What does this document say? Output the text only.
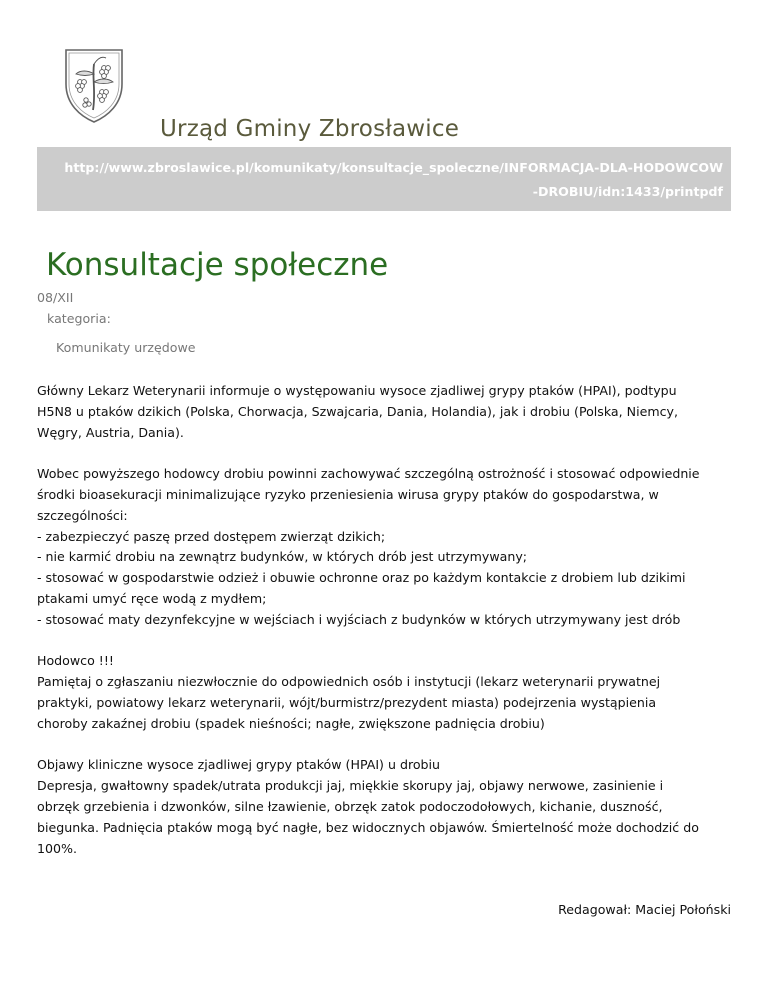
Urząd Gminy Zbrosławice
http://www.zbroslawice.pl/komunikaty/konsultacje_spoleczne/INFORMACJA-DLA-HODOWCOW
-DROBIU/idn:1433/printpdf
Konsultacje społeczne
08/XII
kategoria:
Komunikaty urzędowe
Główny Lekarz Weterynarii informuje o występowaniu wysoce zjadliwej grypy ptaków (HPAI), podtypu
H5N8 u ptaków dzikich (Polska, Chorwacja, Szwajcaria, Dania, Holandia), jak i drobiu (Polska, Niemcy,
Węgry, Austria, Dania).
Wobec powyższego hodowcy drobiu powinni zachowywać szczególną ostrożność i stosować odpowiednie
środki bioasekuracji minimalizujące ryzyko przeniesienia wirusa grypy ptaków do gospodarstwa, w
szczególności:
- zabezpieczyć paszę przed dostępem zwierząt dzikich;
- nie karmić drobiu na zewnątrz budynków, w których drób jest utrzymywany;
- stosować w gospodarstwie odzież i obuwie ochronne oraz po każdym kontakcie z drobiem lub dzikimi
ptakami umyć ręce wodą z mydłem;
- stosować maty dezynfekcyjne w wejściach i wyjściach z budynków w których utrzymywany jest drób
Hodowco !!!
Pamiętaj o zgłaszaniu niezwłocznie do odpowiednich osób i instytucji (lekarz weterynarii prywatnej
praktyki, powiatowy lekarz weterynarii, wójt/burmistrz/prezydent miasta) podejrzenia wystąpienia
choroby zakaźnej drobiu (spadek nieśności; nagłe, zwiększone padnięcia drobiu)
Objawy kliniczne wysoce zjadliwej grypy ptaków (HPAI) u drobiu
Depresja, gwałtowny spadek/utrata produkcji jaj, miękkie skorupy jaj, objawy nerwowe, zasinienie i
obrzęk grzebienia i dzwonków, silne łzawienie, obrzęk zatok podoczodołowych, kichanie, duszność,
biegunka. Padnięcia ptaków mogą być nagłe, bez widocznych objawów. Śmiertelność może dochodzić do
100%.
Redagował: Maciej Połoński
